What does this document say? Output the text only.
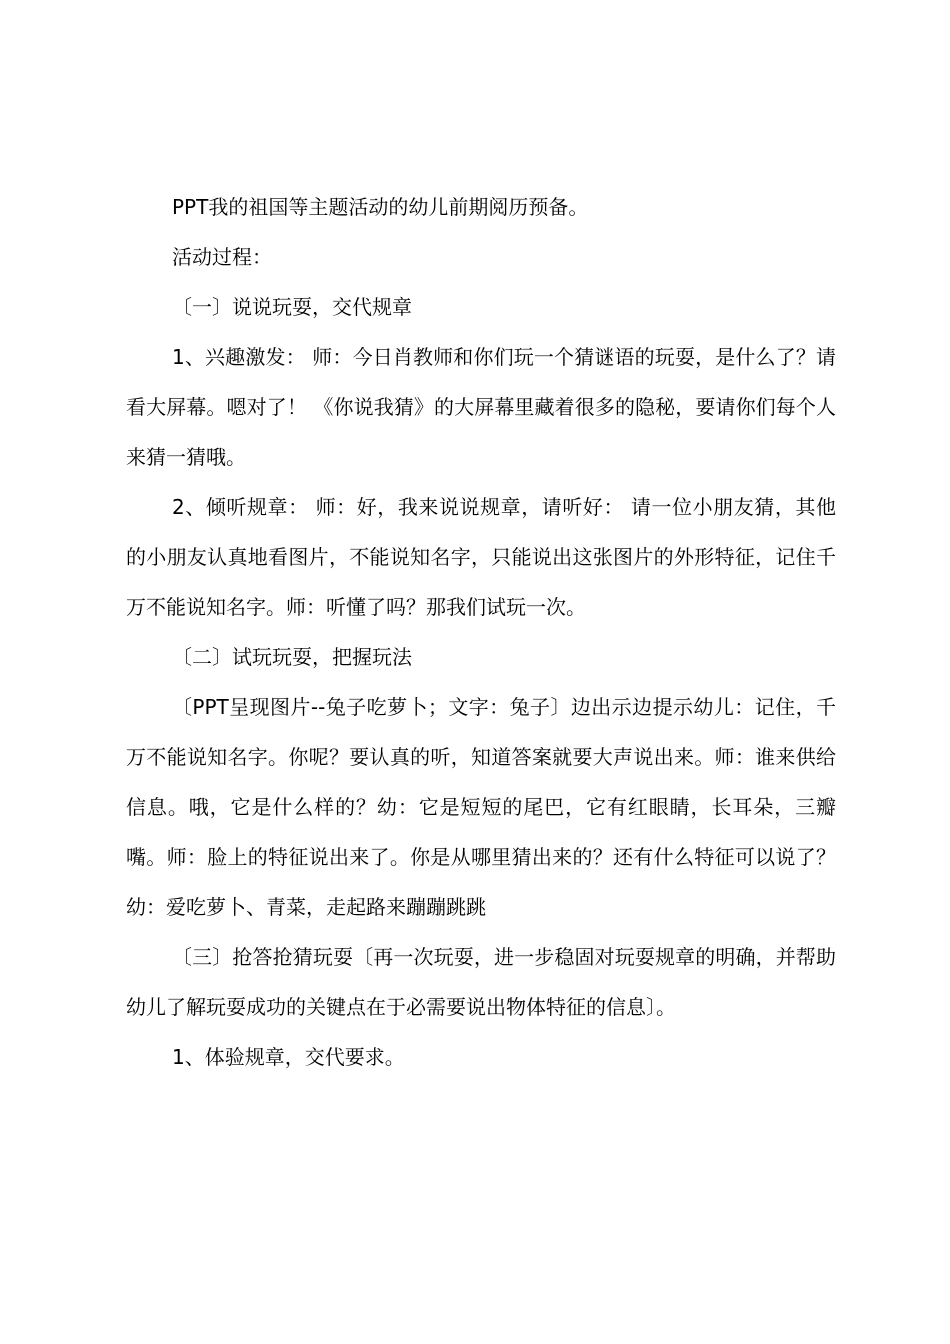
PPT我的祖国等主题活动的幼儿前期阅历预备。

活动过程：

〔一〕说说玩耍，交代规章

1、兴趣激发： 师：今日肖教师和你们玩一个猜谜语的玩耍，是什么了？请看大屏幕。嗯对了！ 《你说我猜》的大屏幕里藏着很多的隐秘，要请你们每个人来猜一猜哦。

2、倾听规章： 师：好，我来说说规章，请听好： 请一位小朋友猜，其他的小朋友认真地看图片，不能说知名字，只能说出这张图片的外形特征，记住千万不能说知名字。师：听懂了吗？那我们试玩一次。

〔二〕试玩玩耍，把握玩法

〔PPT呈现图片--兔子吃萝卜；文字：兔子〕边出示边提示幼儿：记住，千万不能说知名字。你呢？要认真的听，知道答案就要大声说出来。师：谁来供给信息。哦，它是什么样的？幼：它是短短的尾巴，它有红眼睛，长耳朵，三瓣嘴。师：脸上的特征说出来了。你是从哪里猜出来的？还有什么特征可以说了？幼：爱吃萝卜、青菜，走起路来蹦蹦跳跳

〔三〕抢答抢猜玩耍〔再一次玩耍，进一步稳固对玩耍规章的明确，并帮助幼儿了解玩耍成功的关键点在于必需要说出物体特征的信息〕。

1、体验规章，交代要求。
